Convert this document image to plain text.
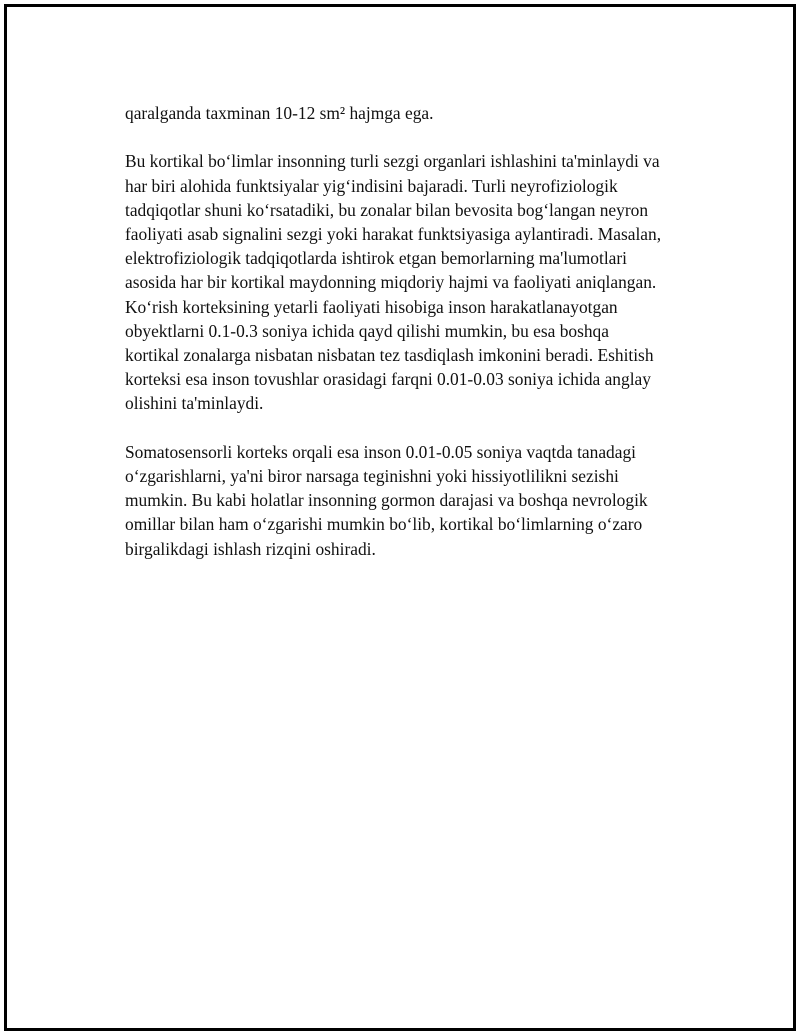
qaralganda taxminan 10-12 sm² hajmga ega.

Bu kortikal boʻlimlar insonning turli sezgi organlari ishlashini ta'minlaydi va
har biri alohida funktsiyalar yigʻindisini bajaradi. Turli neyrofiziologik
tadqiqotlar shuni koʻrsatadiki, bu zonalar bilan bevosita bogʻlangan neyron
faoliyati asab signalini sezgi yoki harakat funktsiyasiga aylantiradi. Masalan,
elektrofiziologik tadqiqotlarda ishtirok etgan bemorlarning ma'lumotlari
asosida har bir kortikal maydonning miqdoriy hajmi va faoliyati aniqlangan.
Koʻrish korteksining yetarli faoliyati hisobiga inson harakatlanayotgan
obyektlarni 0.1-0.3 soniya ichida qayd qilishi mumkin, bu esa boshqa
kortikal zonalarga nisbatan nisbatan tez tasdiqlash imkonini beradi. Eshitish
korteksi esa inson tovushlar orasidagi farqni 0.01-0.03 soniya ichida anglay
olishini ta'minlaydi.

Somatosensorli korteks orqali esa inson 0.01-0.05 soniya vaqtda tanadagi
oʻzgarishlarni, ya'ni biror narsaga teginishni yoki hissiyotlilikni sezishi
mumkin. Bu kabi holatlar insonning gormon darajasi va boshqa nevrologik
omillar bilan ham oʻzgarishi mumkin boʻlib, kortikal boʻlimlarning oʻzaro
birgalikdagi ishlash rizqini oshiradi.
